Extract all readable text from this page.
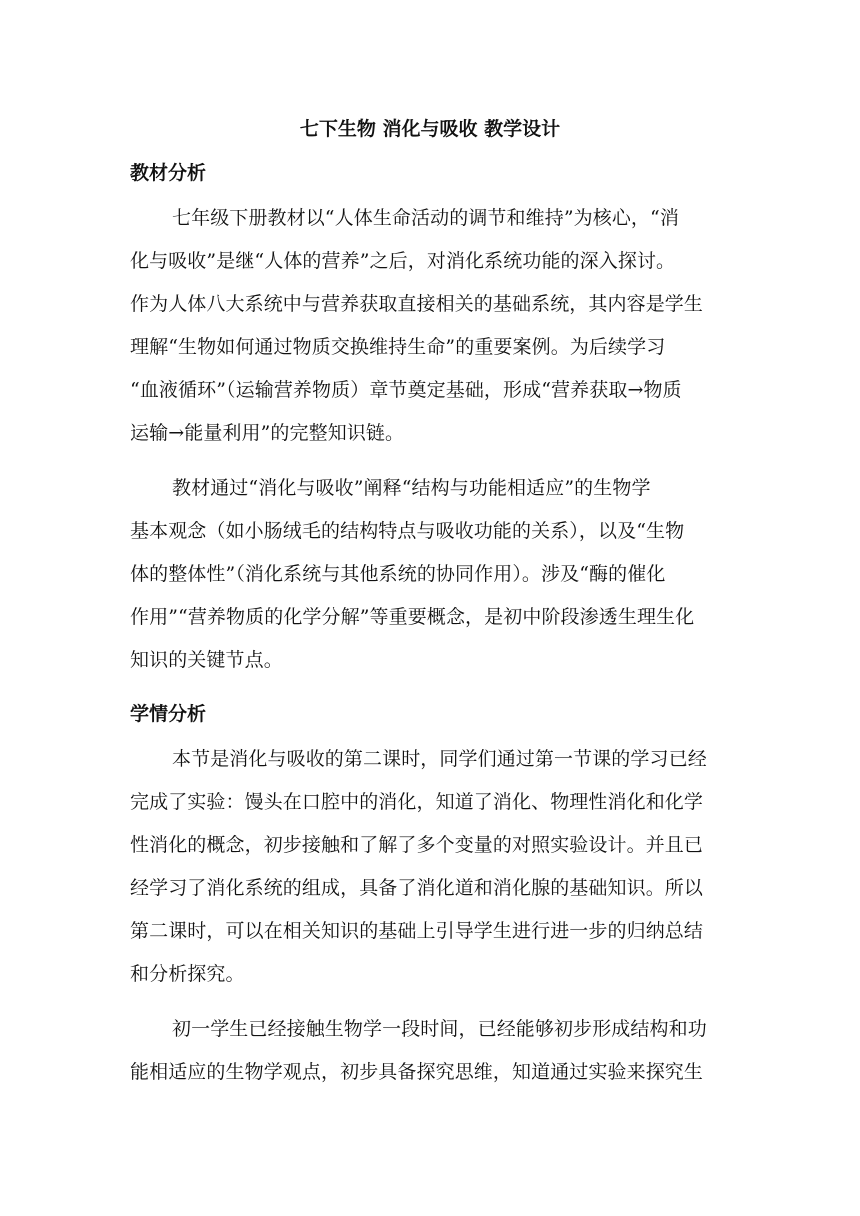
七下生物 消化与吸收 教学设计
教材分析
七年级下册教材以“人体生命活动的调节和维持”为核心，“消
化与吸收”是继“人体的营养”之后，对消化系统功能的深入探讨。
作为人体八大系统中与营养获取直接相关的基础系统，其内容是学生
理解“生物如何通过物质交换维持生命”的重要案例。为后续学习
“血液循环”（运输营养物质）章节奠定基础，形成“营养获取→物质
运输→能量利用”的完整知识链。
教材通过“消化与吸收”阐释“结构与功能相适应”的生物学
基本观念（如小肠绒毛的结构特点与吸收功能的关系），以及“生物
体的整体性”（消化系统与其他系统的协同作用）。涉及“酶的催化
作用”“营养物质的化学分解”等重要概念，是初中阶段渗透生理生化
知识的关键节点。
学情分析
本节是消化与吸收的第二课时，同学们通过第一节课的学习已经
完成了实验：馒头在口腔中的消化，知道了消化、物理性消化和化学
性消化的概念，初步接触和了解了多个变量的对照实验设计。并且已
经学习了消化系统的组成，具备了消化道和消化腺的基础知识。所以
第二课时，可以在相关知识的基础上引导学生进行进一步的归纳总结
和分析探究。
初一学生已经接触生物学一段时间，已经能够初步形成结构和功
能相适应的生物学观点，初步具备探究思维，知道通过实验来探究生
